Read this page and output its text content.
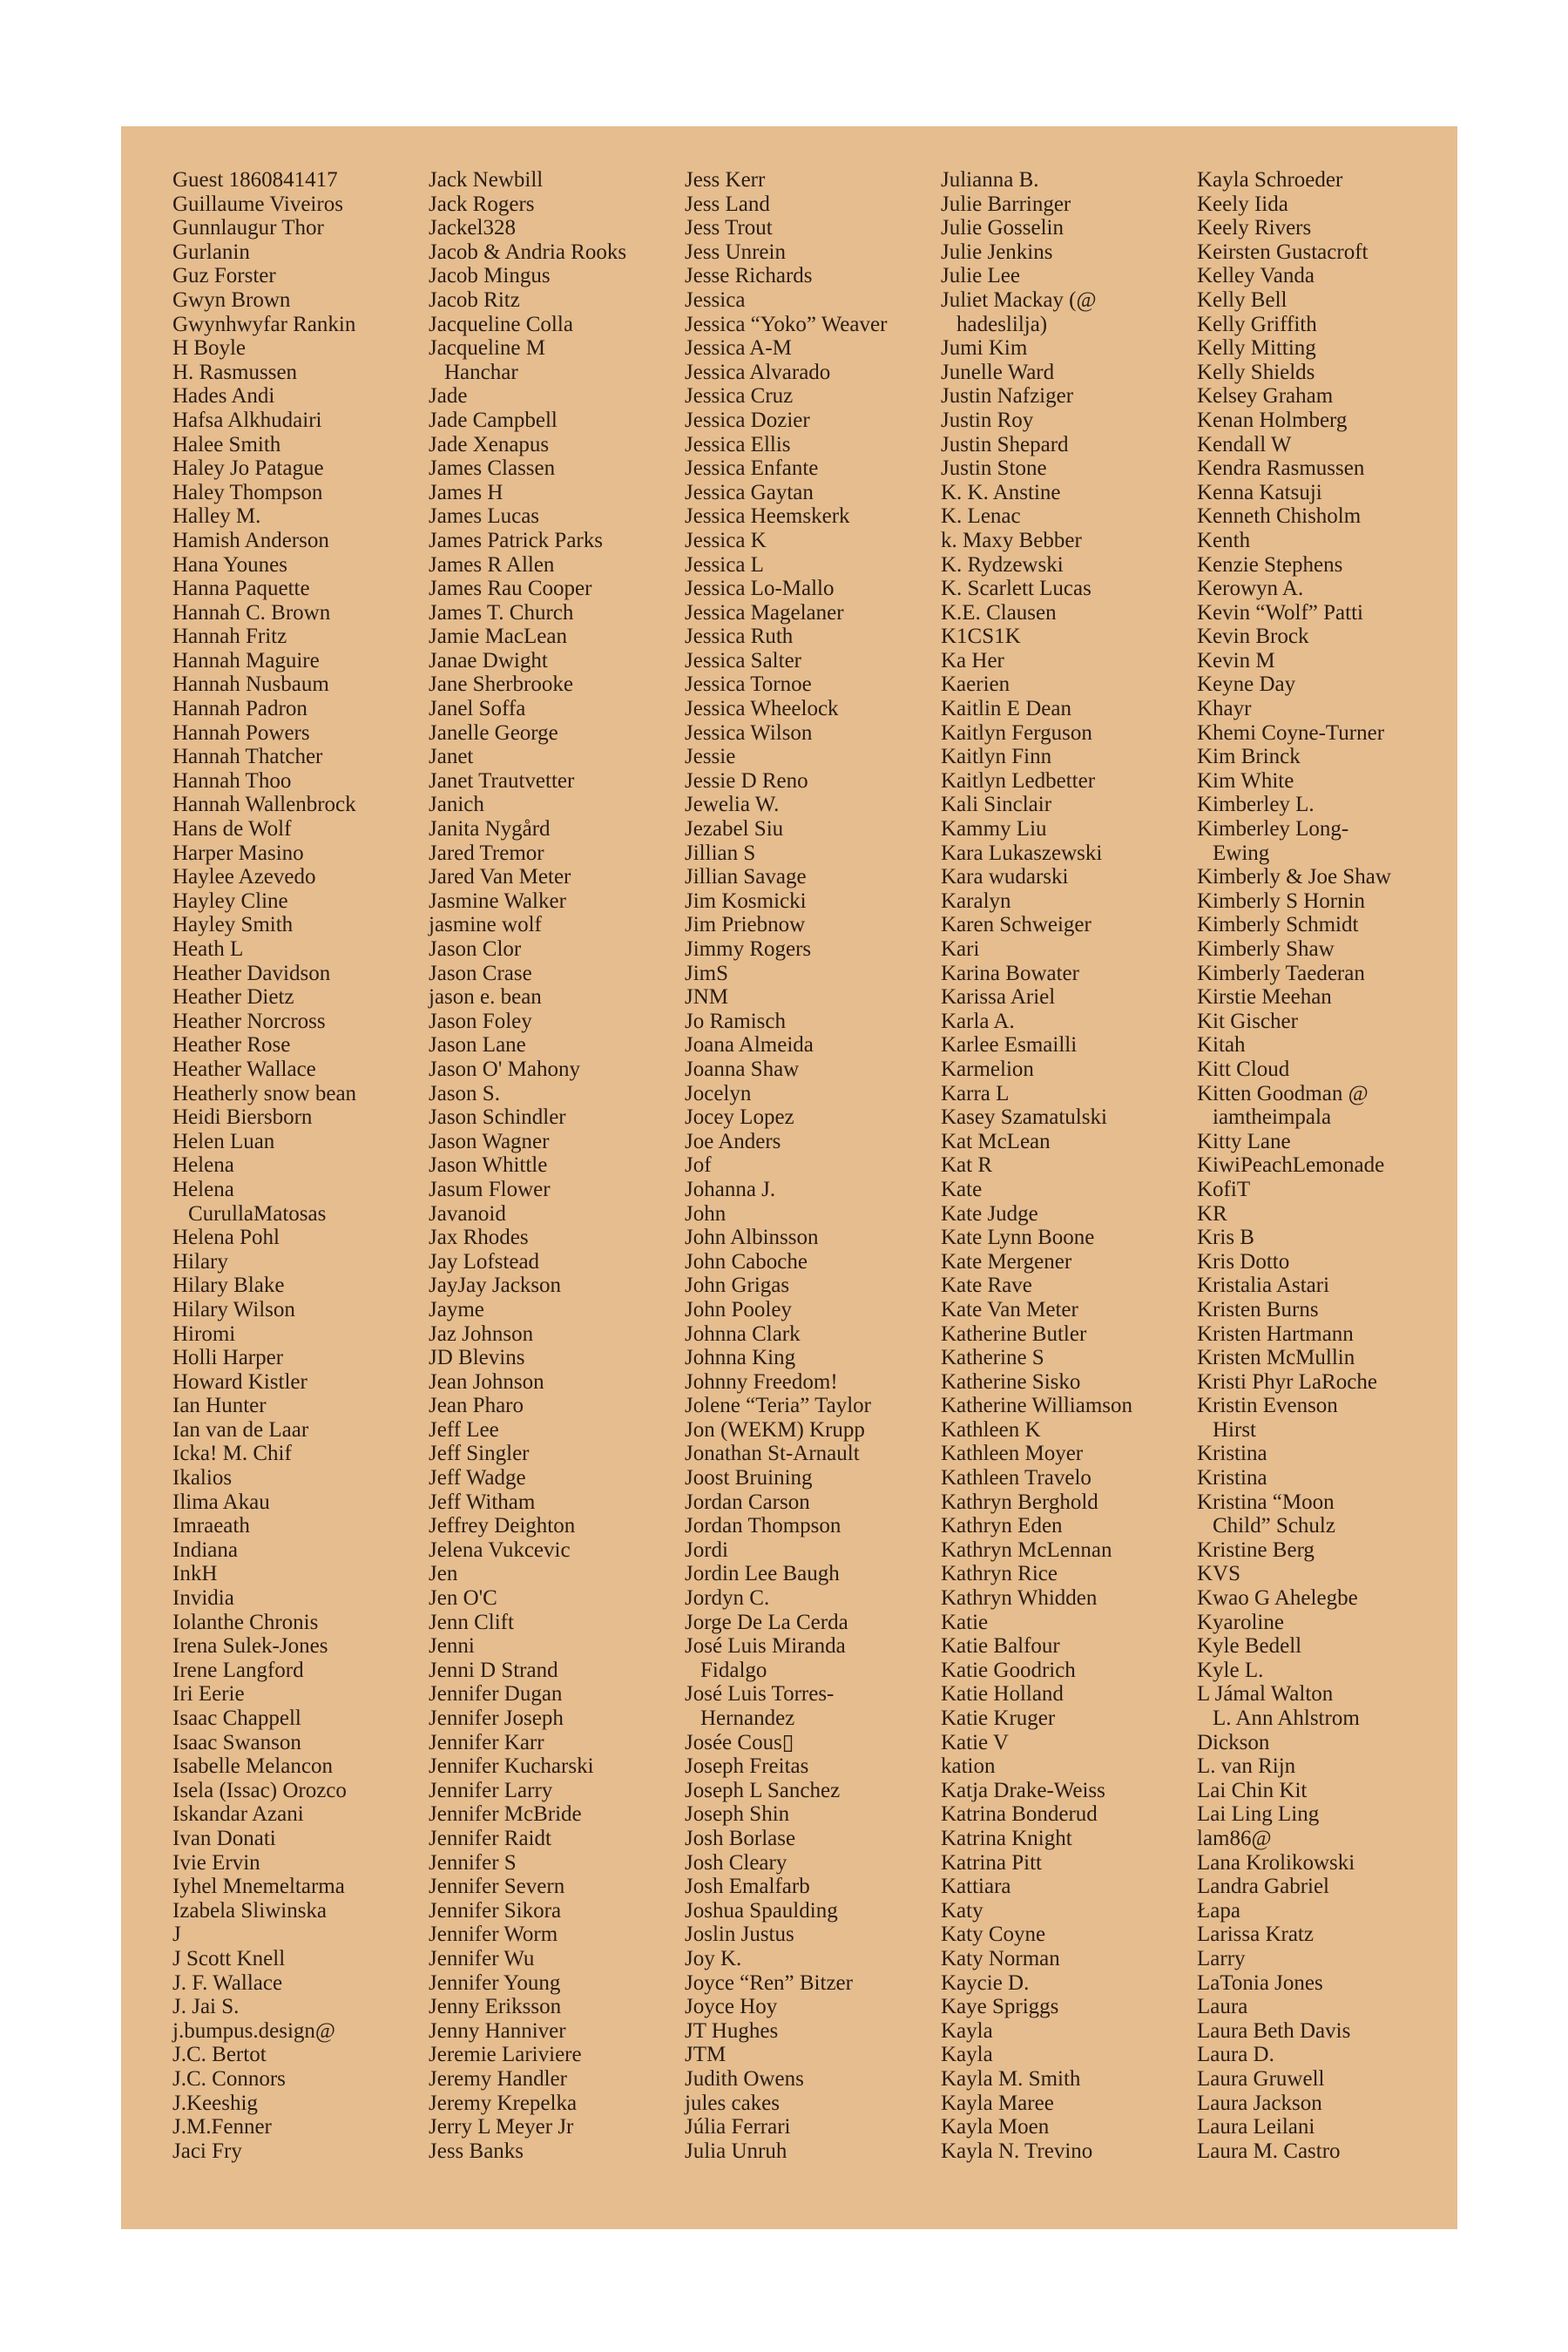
Guest 1860841417
Guillaume Viveiros
Gunnlaugur Thor
Gurlanin
Guz Forster
Gwyn Brown
Gwynhwyfar Rankin
H Boyle
H. Rasmussen
Hades Andi
Hafsa Alkhudairi
Halee Smith
Haley Jo Patague
Haley Thompson
Halley M.
Hamish Anderson
Hana Younes
Hanna Paquette
Hannah C. Brown
Hannah Fritz
Hannah Maguire
Hannah Nusbaum
Hannah Padron
Hannah Powers
Hannah Thatcher
Hannah Thoo
Hannah Wallenbrock
Hans de Wolf
Harper Masino
Haylee Azevedo
Hayley Cline
Hayley Smith
Heath L
Heather Davidson
Heather Dietz
Heather Norcross
Heather Rose
Heather Wallace
Heatherly snow bean
Heidi Biersborn
Helen Luan
Helena
Helena
CurullaMatosas
Helena Pohl
Hilary
Hilary Blake
Hilary Wilson
Hiromi
Holli Harper
Howard Kistler
Ian Hunter
Ian van de Laar
Icka! M. Chif
Ikalios
Ilima Akau
Imraeath
Indiana
InkH
Invidia
Iolanthe Chronis
Irena Sulek-Jones
Irene Langford
Iri Eerie
Isaac Chappell
Isaac Swanson
Isabelle Melancon
Isela (Issac) Orozco
Iskandar Azani
Ivan Donati
Ivie Ervin
Iyhel Mnemeltarma
Izabela Sliwinska
J
J Scott Knell
J. F. Wallace
J. Jai S.
j.bumpus.design@
J.C. Bertot
J.C. Connors
J.Keeshig
J.M.Fenner
Jaci Fry
Jack Newbill
Jack Rogers
Jackel328
Jacob & Andria Rooks
Jacob Mingus
Jacob Ritz
Jacqueline Colla
Jacqueline M
Hanchar
Jade
Jade Campbell
Jade Xenapus
James Classen
James H
James Lucas
James Patrick Parks
James R Allen
James Rau Cooper
James T. Church
Jamie MacLean
Janae Dwight
Jane Sherbrooke
Janel Soffa
Janelle George
Janet
Janet Trautvetter
Janich
Janita Nygård
Jared Tremor
Jared Van Meter
Jasmine Walker
jasmine wolf
Jason Clor
Jason Crase
jason e. bean
Jason Foley
Jason Lane
Jason O' Mahony
Jason S.
Jason Schindler
Jason Wagner
Jason Whittle
Jasum Flower
Javanoid
Jax Rhodes
Jay Lofstead
JayJay Jackson
Jayme
Jaz Johnson
JD Blevins
Jean Johnson
Jean Pharo
Jeff Lee
Jeff Singler
Jeff Wadge
Jeff Witham
Jeffrey Deighton
Jelena Vukcevic
Jen
Jen O'C
Jenn Clift
Jenni
Jenni D Strand
Jennifer Dugan
Jennifer Joseph
Jennifer Karr
Jennifer Kucharski
Jennifer Larry
Jennifer McBride
Jennifer Raidt
Jennifer S
Jennifer Severn
Jennifer Sikora
Jennifer Worm
Jennifer Wu
Jennifer Young
Jenny Eriksson
Jenny Hanniver
Jeremie Lariviere
Jeremy Handler
Jeremy Krepelka
Jerry L Meyer Jr
Jess Banks
Jess Kerr
Jess Land
Jess Trout
Jess Unrein
Jesse Richards
Jessica
Jessica “Yoko” Weaver
Jessica A-M
Jessica Alvarado
Jessica Cruz
Jessica Dozier
Jessica Ellis
Jessica Enfante
Jessica Gaytan
Jessica Heemskerk
Jessica K
Jessica L
Jessica Lo-Mallo
Jessica Magelaner
Jessica Ruth
Jessica Salter
Jessica Tornoe
Jessica Wheelock
Jessica Wilson
Jessie
Jessie D Reno
Jewelia W.
Jezabel Siu
Jillian S
Jillian Savage
Jim Kosmicki
Jim Priebnow
Jimmy Rogers
JimS
JNM
Jo Ramisch
Joana Almeida
Joanna Shaw
Jocelyn
Jocey Lopez
Joe Anders
Jof
Johanna J.
John
John Albinsson
John Caboche
John Grigas
John Pooley
Johnna Clark
Johnna King
Johnny Freedom!
Jolene “Teria” Taylor
Jon (WEKM) Krupp
Jonathan St-Arnault
Joost Bruining
Jordan Carson
Jordan Thompson
Jordi
Jordin Lee Baugh
Jordyn C.
Jorge De La Cerda
José Luis Miranda
Fidalgo
José Luis Torres-
Hernandez
Josée Cous▯
Joseph Freitas
Joseph L Sanchez
Joseph Shin
Josh Borlase
Josh Cleary
Josh Emalfarb
Joshua Spaulding
Joslin Justus
Joy K.
Joyce “Ren” Bitzer
Joyce Hoy
JT Hughes
JTM
Judith Owens
jules cakes
Júlia Ferrari
Julia Unruh
Julianna B.
Julie Barringer
Julie Gosselin
Julie Jenkins
Julie Lee
Juliet Mackay (@
hadeslilja)
Jumi Kim
Junelle Ward
Justin Nafziger
Justin Roy
Justin Shepard
Justin Stone
K. K. Anstine
K. Lenac
k. Maxy Bebber
K. Rydzewski
K. Scarlett Lucas
K.E. Clausen
K1CS1K
Ka Her
Kaerien
Kaitlin E Dean
Kaitlyn Ferguson
Kaitlyn Finn
Kaitlyn Ledbetter
Kali Sinclair
Kammy Liu
Kara Lukaszewski
Kara wudarski
Karalyn
Karen Schweiger
Kari
Karina Bowater
Karissa Ariel
Karla A.
Karlee Esmailli
Karmelion
Karra L
Kasey Szamatulski
Kat McLean
Kat R
Kate
Kate Judge
Kate Lynn Boone
Kate Mergener
Kate Rave
Kate Van Meter
Katherine Butler
Katherine S
Katherine Sisko
Katherine Williamson
Kathleen K
Kathleen Moyer
Kathleen Travelo
Kathryn Berghold
Kathryn Eden
Kathryn McLennan
Kathryn Rice
Kathryn Whidden
Katie
Katie Balfour
Katie Goodrich
Katie Holland
Katie Kruger
Katie V
kation
Katja Drake-Weiss
Katrina Bonderud
Katrina Knight
Katrina Pitt
Kattiara
Katy
Katy Coyne
Katy Norman
Kaycie D.
Kaye Spriggs
Kayla
Kayla
Kayla M. Smith
Kayla Maree
Kayla Moen
Kayla N. Trevino
Kayla Schroeder
Keely Iida
Keely Rivers
Keirsten Gustacroft
Kelley Vanda
Kelly Bell
Kelly Griffith
Kelly Mitting
Kelly Shields
Kelsey Graham
Kenan Holmberg
Kendall W
Kendra Rasmussen
Kenna Katsuji
Kenneth Chisholm
Kenth
Kenzie Stephens
Kerowyn A.
Kevin “Wolf” Patti
Kevin Brock
Kevin M
Keyne Day
Khayr
Khemi Coyne-Turner
Kim Brinck
Kim White
Kimberley L.
Kimberley Long-
Ewing
Kimberly & Joe Shaw
Kimberly S Hornin
Kimberly Schmidt
Kimberly Shaw
Kimberly Taederan
Kirstie Meehan
Kit Gischer
Kitah
Kitt Cloud
Kitten Goodman @
iamtheimpala
Kitty Lane
KiwiPeachLemonade
KofiT
KR
Kris B
Kris Dotto
Kristalia Astari
Kristen Burns
Kristen Hartmann
Kristen McMullin
Kristi Phyr LaRoche
Kristin Evenson
Hirst
Kristina
Kristina
Kristina “Moon
Child” Schulz
Kristine Berg
KVS
Kwao G Ahelegbe
Kyaroline
Kyle Bedell
Kyle L.
L Jámal Walton
L. Ann Ahlstrom
Dickson
L. van Rijn
Lai Chin Kit
Lai Ling Ling
lam86@
Lana Krolikowski
Landra Gabriel
Łapa
Larissa Kratz
Larry
LaTonia Jones
Laura
Laura Beth Davis
Laura D.
Laura Gruwell
Laura Jackson
Laura Leilani
Laura M. Castro
